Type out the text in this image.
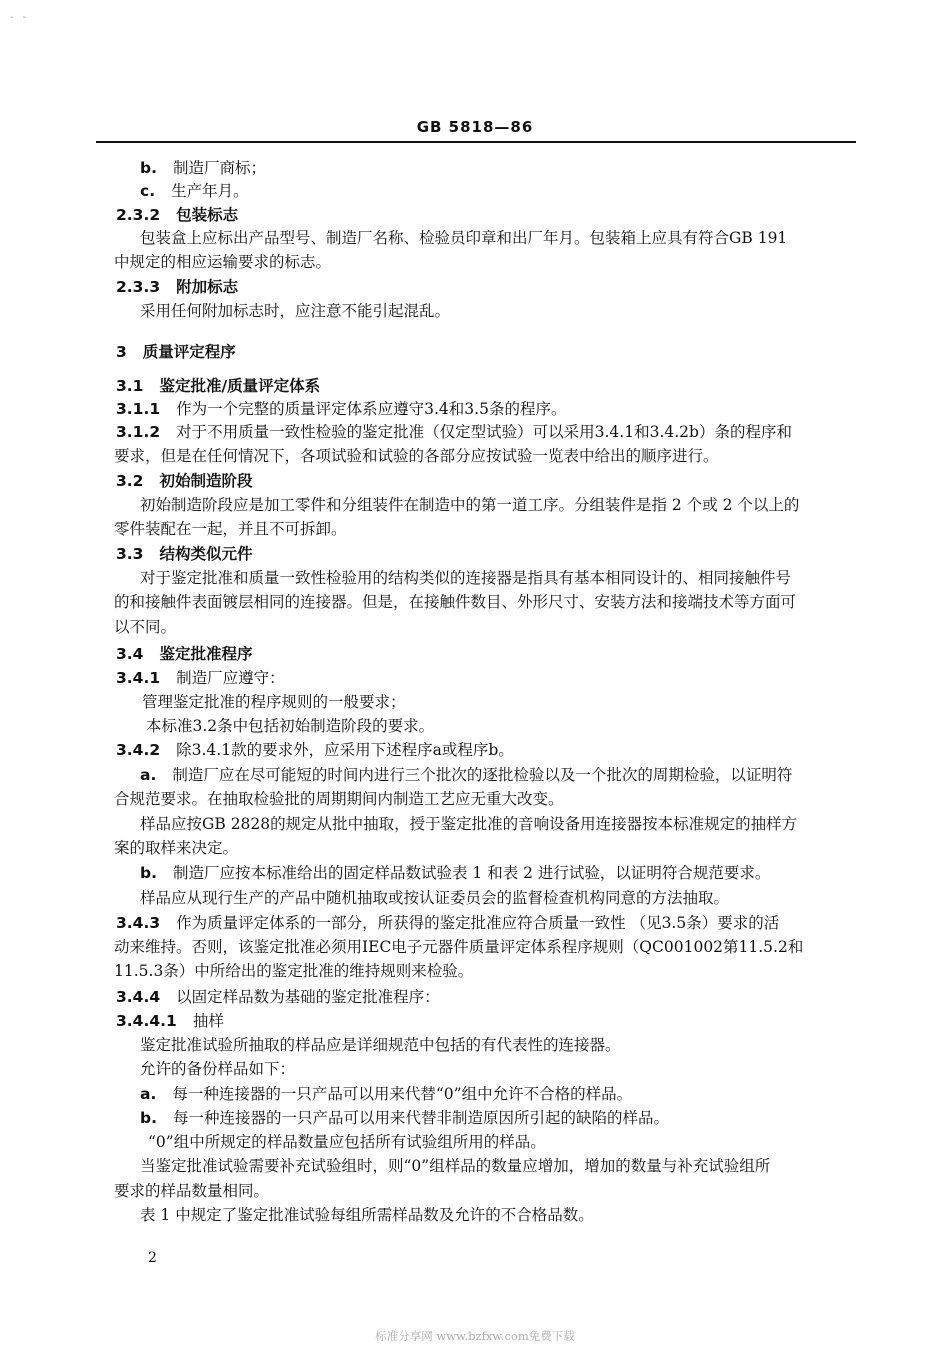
‐ ‐
GB 5818—86
b. 制造厂商标；
c. 生产年月。
2.3.2 包装标志
包装盒上应标出产品型号、制造厂名称、检验员印章和出厂年月。包装箱上应具有符合GB 191
中规定的相应运输要求的标志。
2.3.3 附加标志
采用任何附加标志时，应注意不能引起混乱。
3 质量评定程序
3.1 鉴定批准/质量评定体系
3.1.1 作为一个完整的质量评定体系应遵守3.4和3.5条的程序。
3.1.2 对于不用质量一致性检验的鉴定批准（仅定型试验）可以采用3.4.1和3.4.2b）条的程序和
要求，但是在任何情况下，各项试验和试验的各部分应按试验一览表中给出的顺序进行。
3.2 初始制造阶段
初始制造阶段应是加工零件和分组装件在制造中的第一道工序。分组装件是指 2 个或 2 个以上的
零件装配在一起，并且不可拆卸。
3.3 结构类似元件
对于鉴定批准和质量一致性检验用的结构类似的连接器是指具有基本相同设计的、相同接触件号
的和接触件表面镀层相同的连接器。但是，在接触件数目、外形尺寸、安装方法和接端技术等方面可
以不同。
3.4 鉴定批准程序
3.4.1 制造厂应遵守：
管理鉴定批准的程序规则的一般要求；
本标准3.2条中包括初始制造阶段的要求。
3.4.2 除3.4.1款的要求外，应采用下述程序a或程序b。
a. 制造厂应在尽可能短的时间内进行三个批次的逐批检验以及一个批次的周期检验，以证明符
合规范要求。在抽取检验批的周期期间内制造工艺应无重大改变。
样品应按GB 2828的规定从批中抽取，授于鉴定批准的音响设备用连接器按本标准规定的抽样方
案的取样来决定。
b. 制造厂应按本标准给出的固定样品数试验表 1 和表 2 进行试验，以证明符合规范要求。
样品应从现行生产的产品中随机抽取或按认证委员会的监督检查机构同意的方法抽取。
3.4.3 作为质量评定体系的一部分，所获得的鉴定批准应符合质量一致性 （见3.5条）要求的活
动来维持。否则，该鉴定批准必须用IEC电子元器件质量评定体系程序规则（QC001002第11.5.2和
11.5.3条）中所给出的鉴定批准的维持规则来检验。
3.4.4 以固定样品数为基础的鉴定批准程序：
3.4.4.1 抽样
鉴定批准试验所抽取的样品应是详细规范中包括的有代表性的连接器。
允许的备份样品如下：
a. 每一种连接器的一只产品可以用来代替“0”组中允许不合格的样品。
b. 每一种连接器的一只产品可以用来代替非制造原因所引起的缺陷的样品。
“0”组中所规定的样品数量应包括所有试验组所用的样品。
当鉴定批准试验需要补充试验组时，则“0”组样品的数量应增加，增加的数量与补充试验组所
要求的样品数量相同。
表 1 中规定了鉴定批准试验每组所需样品数及允许的不合格品数。
2
标准分享网 www.bzfxw.com免费下载
